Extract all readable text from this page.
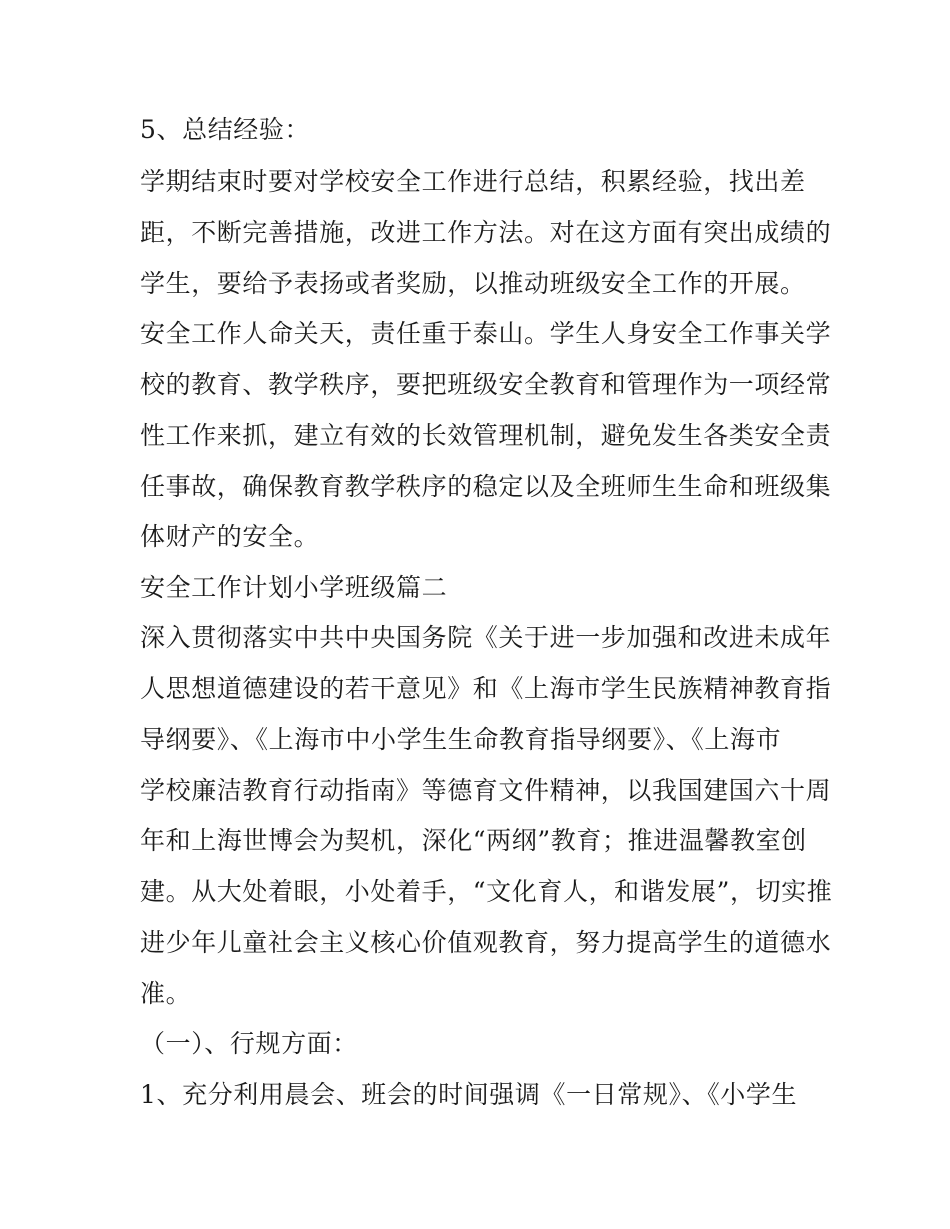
5、总结经验：

学期结束时要对学校安全工作进行总结，积累经验，找出差

距，不断完善措施，改进工作方法。对在这方面有突出成绩的

学生，要给予表扬或者奖励，以推动班级安全工作的开展。

安全工作人命关天，责任重于泰山。学生人身安全工作事关学

校的教育、教学秩序，要把班级安全教育和管理作为一项经常

性工作来抓，建立有效的长效管理机制，避免发生各类安全责

任事故，确保教育教学秩序的稳定以及全班师生生命和班级集

体财产的安全。

安全工作计划小学班级篇二

深入贯彻落实中共中央国务院《关于进一步加强和改进未成年

人思想道德建设的若干意见》和《上海市学生民族精神教育指

导纲要》、《上海市中小学生生命教育指导纲要》、《上海市

学校廉洁教育行动指南》等德育文件精神，以我国建国六十周

年和上海世博会为契机，深化“两纲”教育；推进温馨教室创

建。从大处着眼，小处着手，“文化育人，和谐发展”，切实推

进少年儿童社会主义核心价值观教育，努力提高学生的道德水

准。

（一）、行规方面：

1、充分利用晨会、班会的时间强调《一日常规》、《小学生
